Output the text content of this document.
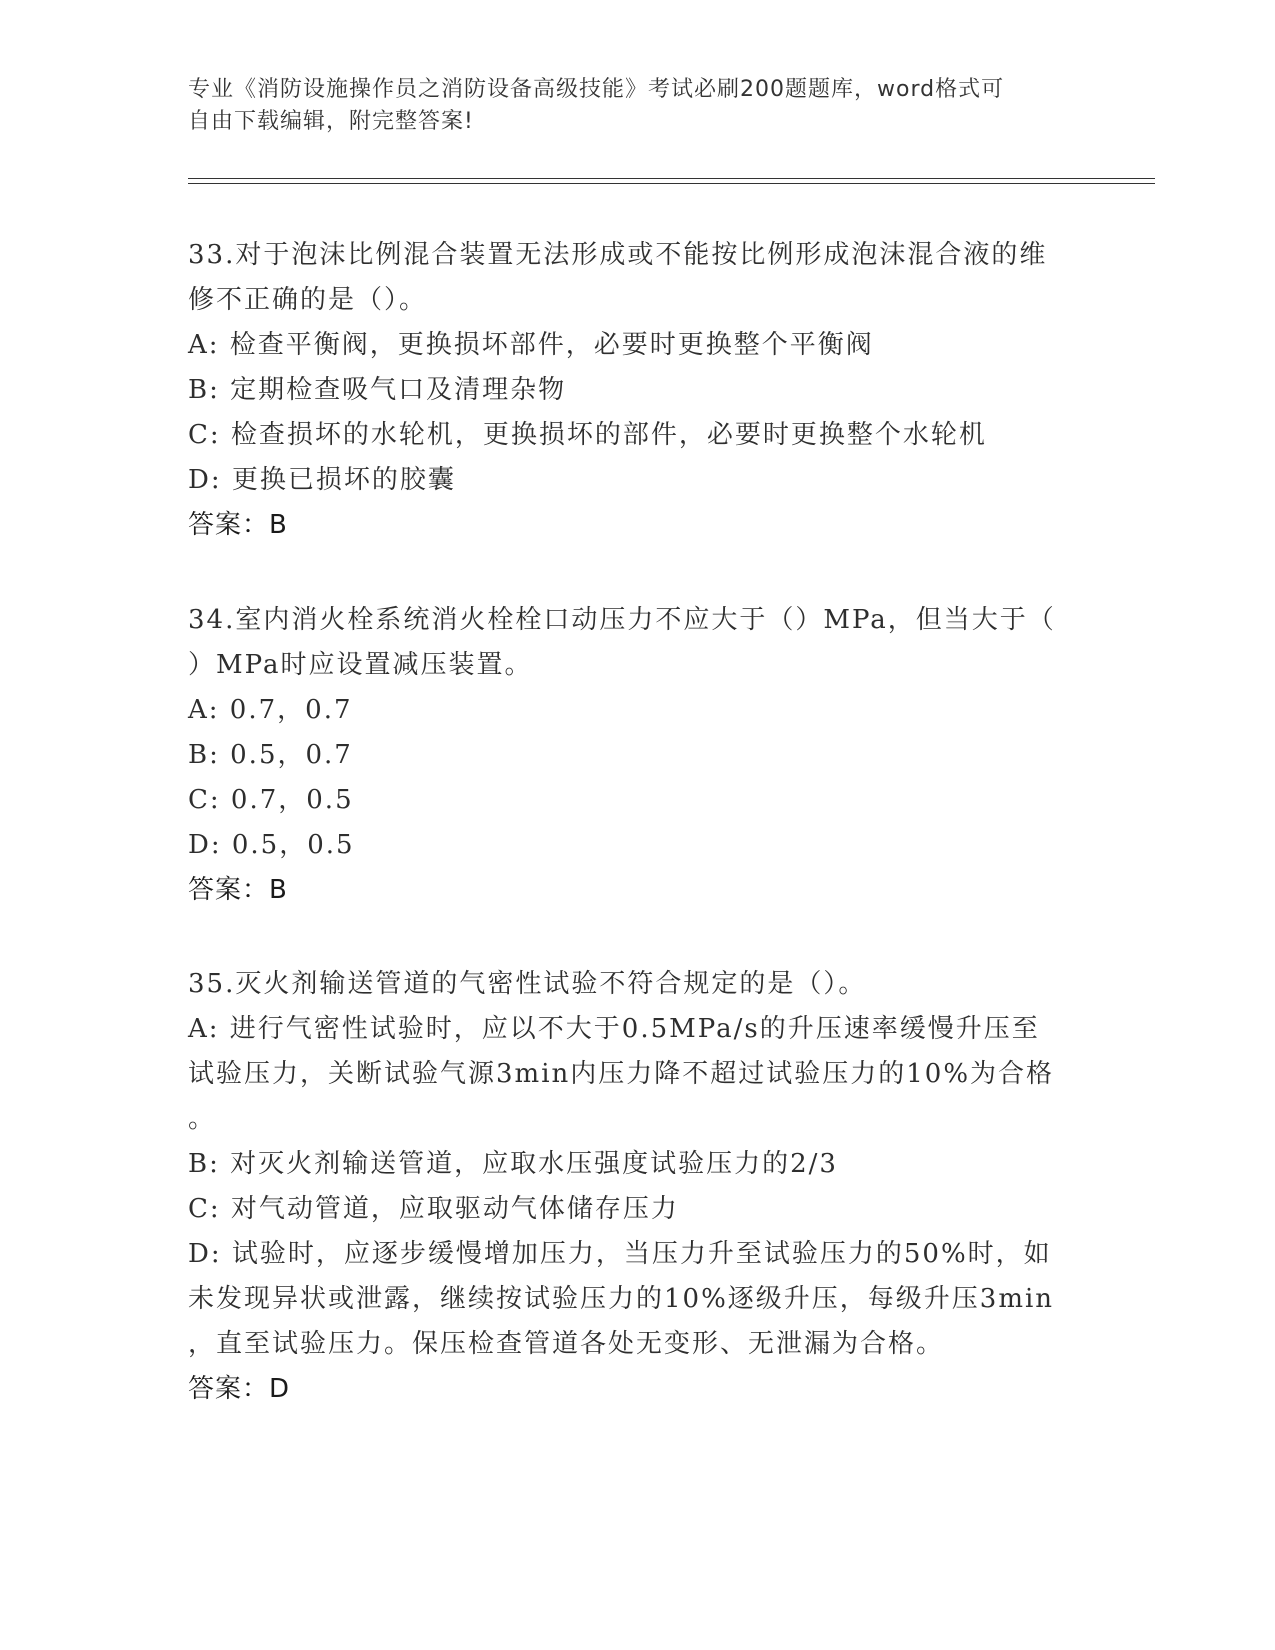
专业《消防设施操作员之消防设备高级技能》考试必刷200题题库，word格式可
自由下载编辑，附完整答案!
33.对于泡沫比例混合装置无法形成或不能按比例形成泡沫混合液的维
修不正确的是（）。
A: 检查平衡阀，更换损坏部件，必要时更换整个平衡阀
B: 定期检查吸气口及清理杂物
C: 检查损坏的水轮机，更换损坏的部件，必要时更换整个水轮机
D: 更换已损坏的胶囊
答案：B
34.室内消火栓系统消火栓栓口动压力不应大于（）MPa，但当大于（
）MPa时应设置减压装置。
A: 0.7，0.7
B: 0.5，0.7
C: 0.7，0.5
D: 0.5，0.5
答案：B
35.灭火剂输送管道的气密性试验不符合规定的是（）。
A: 进行气密性试验时，应以不大于0.5MPa/s的升压速率缓慢升压至
试验压力，关断试验气源3min内压力降不超过试验压力的10%为合格
。
B: 对灭火剂输送管道，应取水压强度试验压力的2/3
C: 对气动管道，应取驱动气体储存压力
D: 试验时，应逐步缓慢增加压力，当压力升至试验压力的50%时，如
未发现异状或泄露，继续按试验压力的10%逐级升压，每级升压3min
，直至试验压力。保压检查管道各处无变形、无泄漏为合格。
答案：D
